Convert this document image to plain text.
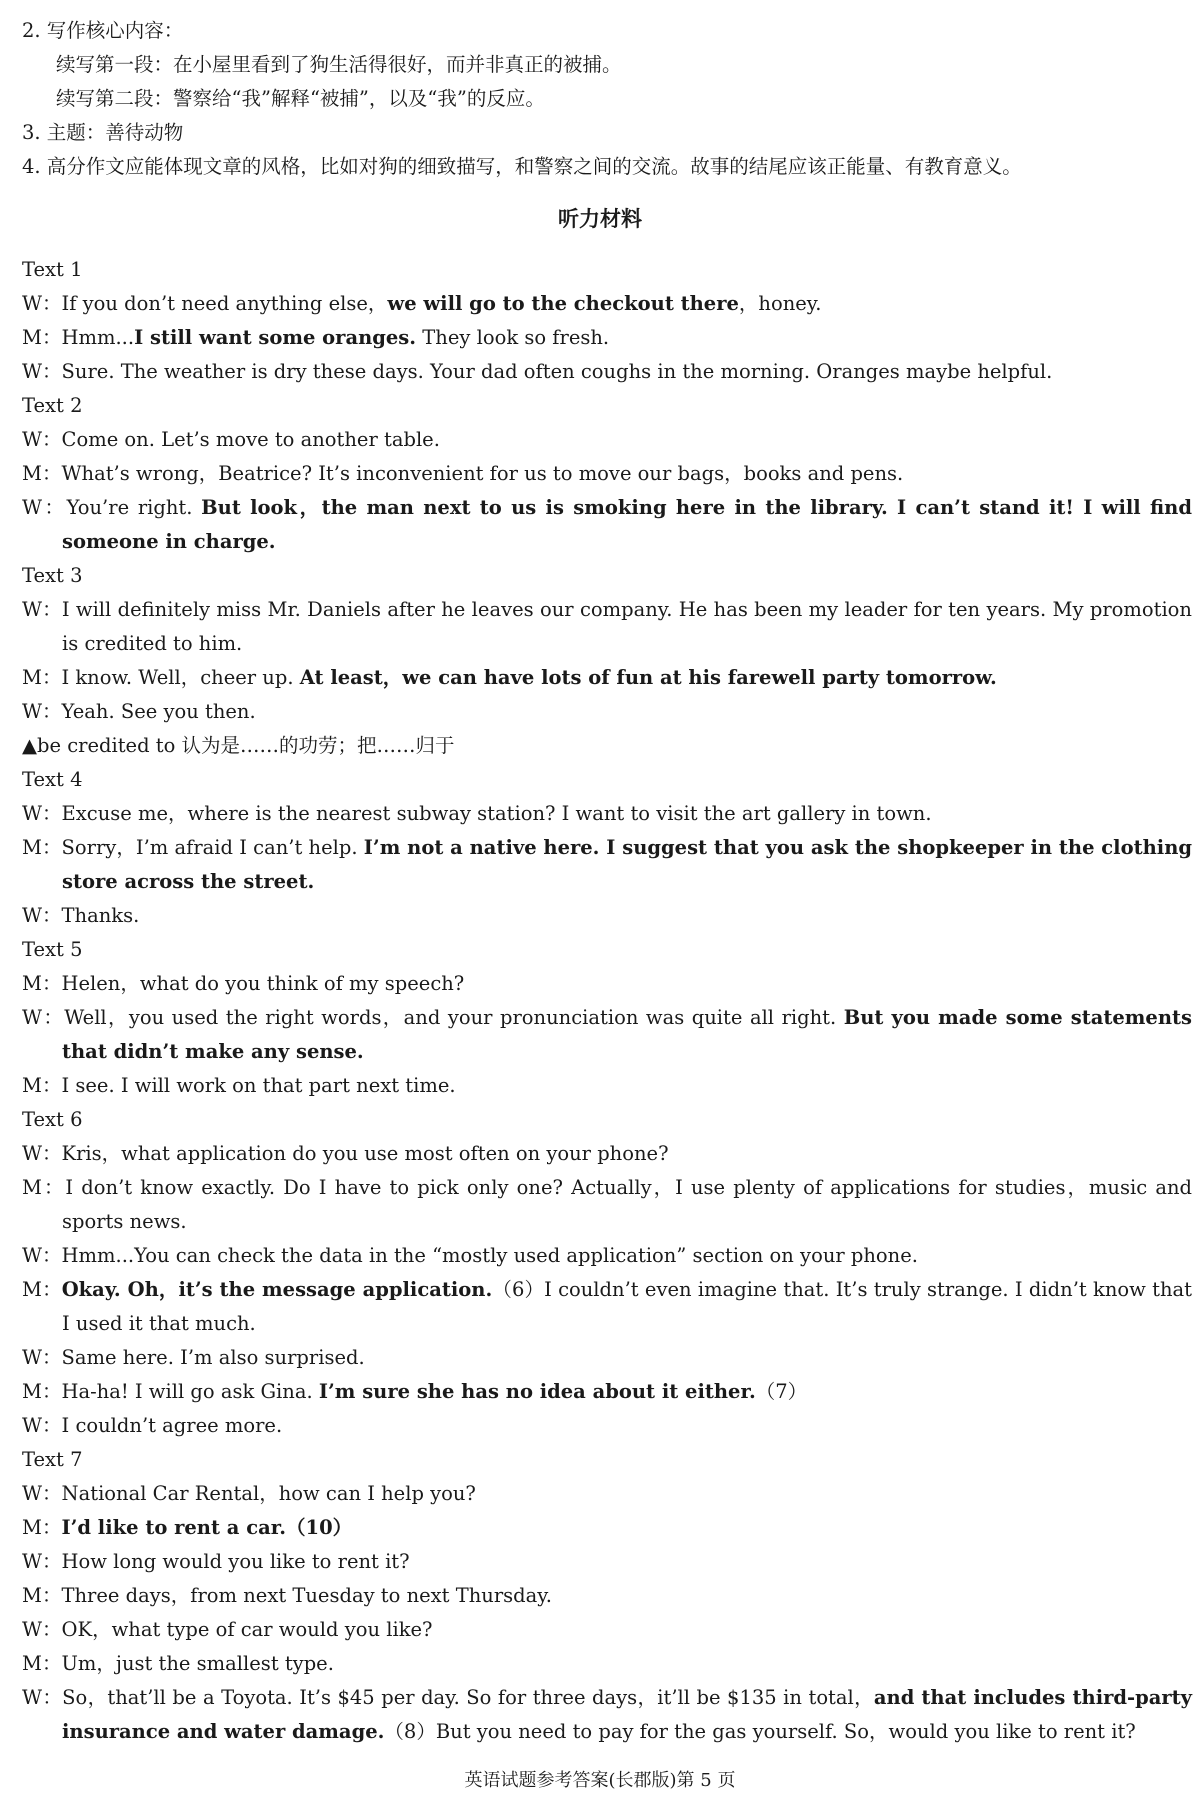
2. 写作核心内容：
续写第一段：在小屋里看到了狗生活得很好，而并非真正的被捕。
续写第二段：警察给“我”解释“被捕”，以及“我”的反应。
3. 主题：善待动物
4. 高分作文应能体现文章的风格，比如对狗的细致描写，和警察之间的交流。故事的结尾应该正能量、有教育意义。
听力材料
Text 1
W：If you don’t need anything else，we will go to the checkout there，honey.
M：Hmm...I still want some oranges. They look so fresh.
W：Sure. The weather is dry these days. Your dad often coughs in the morning. Oranges maybe helpful.
Text 2
W：Come on. Let’s move to another table.
M：What’s wrong，Beatrice? It’s inconvenient for us to move our bags，books and pens.
W：You’re right. But look，the man next to us is smoking here in the library. I can’t stand it! I will find someone in charge.
Text 3
W：I will definitely miss Mr. Daniels after he leaves our company. He has been my leader for ten years. My promotion is credited to him.
M：I know. Well，cheer up. At least，we can have lots of fun at his farewell party tomorrow.
W：Yeah. See you then.
▲be credited to 认为是……的功劳；把……归于
Text 4
W：Excuse me，where is the nearest subway station? I want to visit the art gallery in town.
M：Sorry，I’m afraid I can’t help. I’m not a native here. I suggest that you ask the shopkeeper in the clothing store across the street.
W：Thanks.
Text 5
M：Helen，what do you think of my speech?
W：Well，you used the right words，and your pronunciation was quite all right. But you made some statements that didn’t make any sense.
M：I see. I will work on that part next time.
Text 6
W：Kris，what application do you use most often on your phone?
M：I don’t know exactly. Do I have to pick only one? Actually，I use plenty of applications for studies，music and sports news.
W：Hmm...You can check the data in the “mostly used application” section on your phone.
M：Okay. Oh，it’s the message application.（6）I couldn’t even imagine that. It’s truly strange. I didn’t know that I used it that much.
W：Same here. I’m also surprised.
M：Ha-ha! I will go ask Gina. I’m sure she has no idea about it either.（7）
W：I couldn’t agree more.
Text 7
W：National Car Rental，how can I help you?
M：I’d like to rent a car.（10）
W：How long would you like to rent it?
M：Three days，from next Tuesday to next Thursday.
W：OK，what type of car would you like?
M：Um，just the smallest type.
W：So，that’ll be a Toyota. It’s $45 per day. So for three days，it’ll be $135 in total，and that includes third-party insurance and water damage.（8）But you need to pay for the gas yourself. So，would you like to rent it?
英语试题参考答案(长郡版)第 5 页
